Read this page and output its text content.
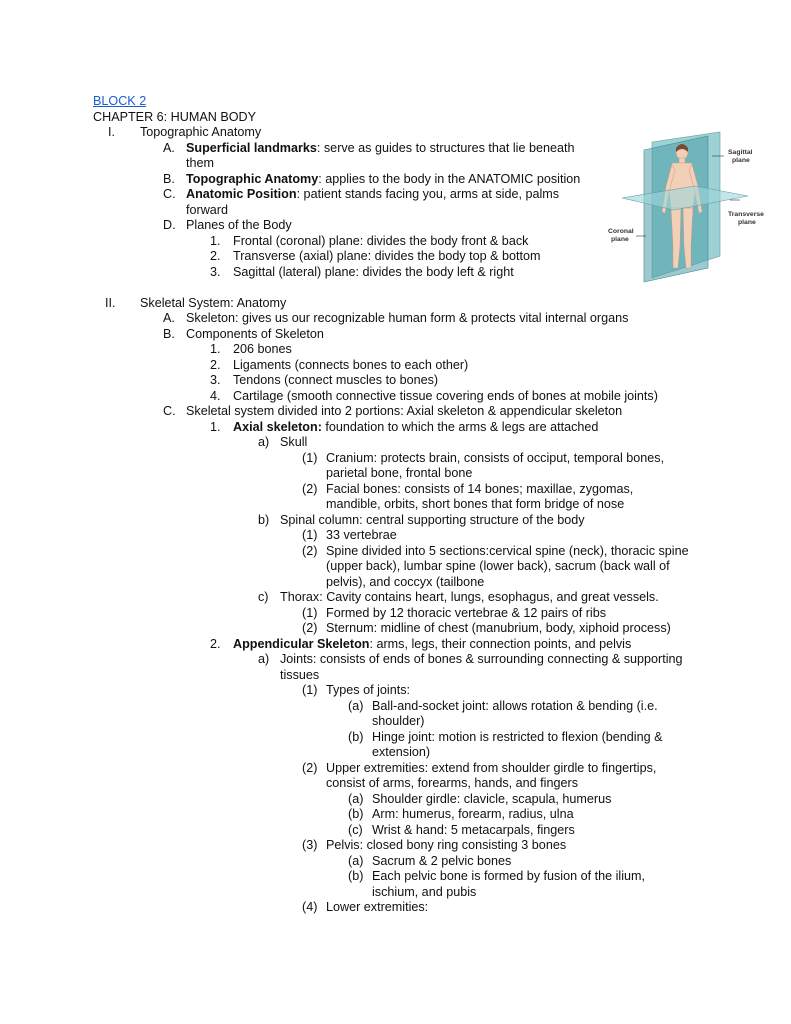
BLOCK 2
CHAPTER 6: HUMAN BODY
I. Topographic Anatomy
A. Superficial landmarks: serve as guides to structures that lie beneath
them
B. Topographic Anatomy: applies to the body in the ANATOMIC position
C. Anatomic Position: patient stands facing you, arms at side, palms
forward
D. Planes of the Body
1. Frontal (coronal) plane: divides the body front & back
2. Transverse (axial) plane: divides the body top & bottom
3. Sagittal (lateral) plane: divides the body left & right
Sagittal
plane
Transverse
plane
Coronal
plane
II. Skeletal System: Anatomy
A. Skeleton: gives us our recognizable human form & protects vital internal organs
B. Components of Skeleton
1. 206 bones
2. Ligaments (connects bones to each other)
3. Tendons (connect muscles to bones)
4. Cartilage (smooth connective tissue covering ends of bones at mobile joints)
C. Skeletal system divided into 2 portions: Axial skeleton & appendicular skeleton
1. Axial skeleton: foundation to which the arms & legs are attached
a) Skull
(1) Cranium: protects brain, consists of occiput, temporal bones,
parietal bone, frontal bone
(2) Facial bones: consists of 14 bones; maxillae, zygomas,
mandible, orbits, short bones that form bridge of nose
b) Spinal column: central supporting structure of the body
(1) 33 vertebrae
(2) Spine divided into 5 sections:cervical spine (neck), thoracic spine
(upper back), lumbar spine (lower back), sacrum (back wall of
pelvis), and coccyx (tailbone
c) Thorax: Cavity contains heart, lungs, esophagus, and great vessels.
(1) Formed by 12 thoracic vertebrae & 12 pairs of ribs
(2) Sternum: midline of chest (manubrium, body, xiphoid process)
2. Appendicular Skeleton: arms, legs, their connection points, and pelvis
a) Joints: consists of ends of bones & surrounding connecting & supporting
tissues
(1) Types of joints:
(a) Ball-and-socket joint: allows rotation & bending (i.e.
shoulder)
(b) Hinge joint: motion is restricted to flexion (bending &
extension)
(2) Upper extremities: extend from shoulder girdle to fingertips,
consist of arms, forearms, hands, and fingers
(a) Shoulder girdle: clavicle, scapula, humerus
(b) Arm: humerus, forearm, radius, ulna
(c) Wrist & hand: 5 metacarpals, fingers
(3) Pelvis: closed bony ring consisting 3 bones
(a) Sacrum & 2 pelvic bones
(b) Each pelvic bone is formed by fusion of the ilium,
ischium, and pubis
(4) Lower extremities:
